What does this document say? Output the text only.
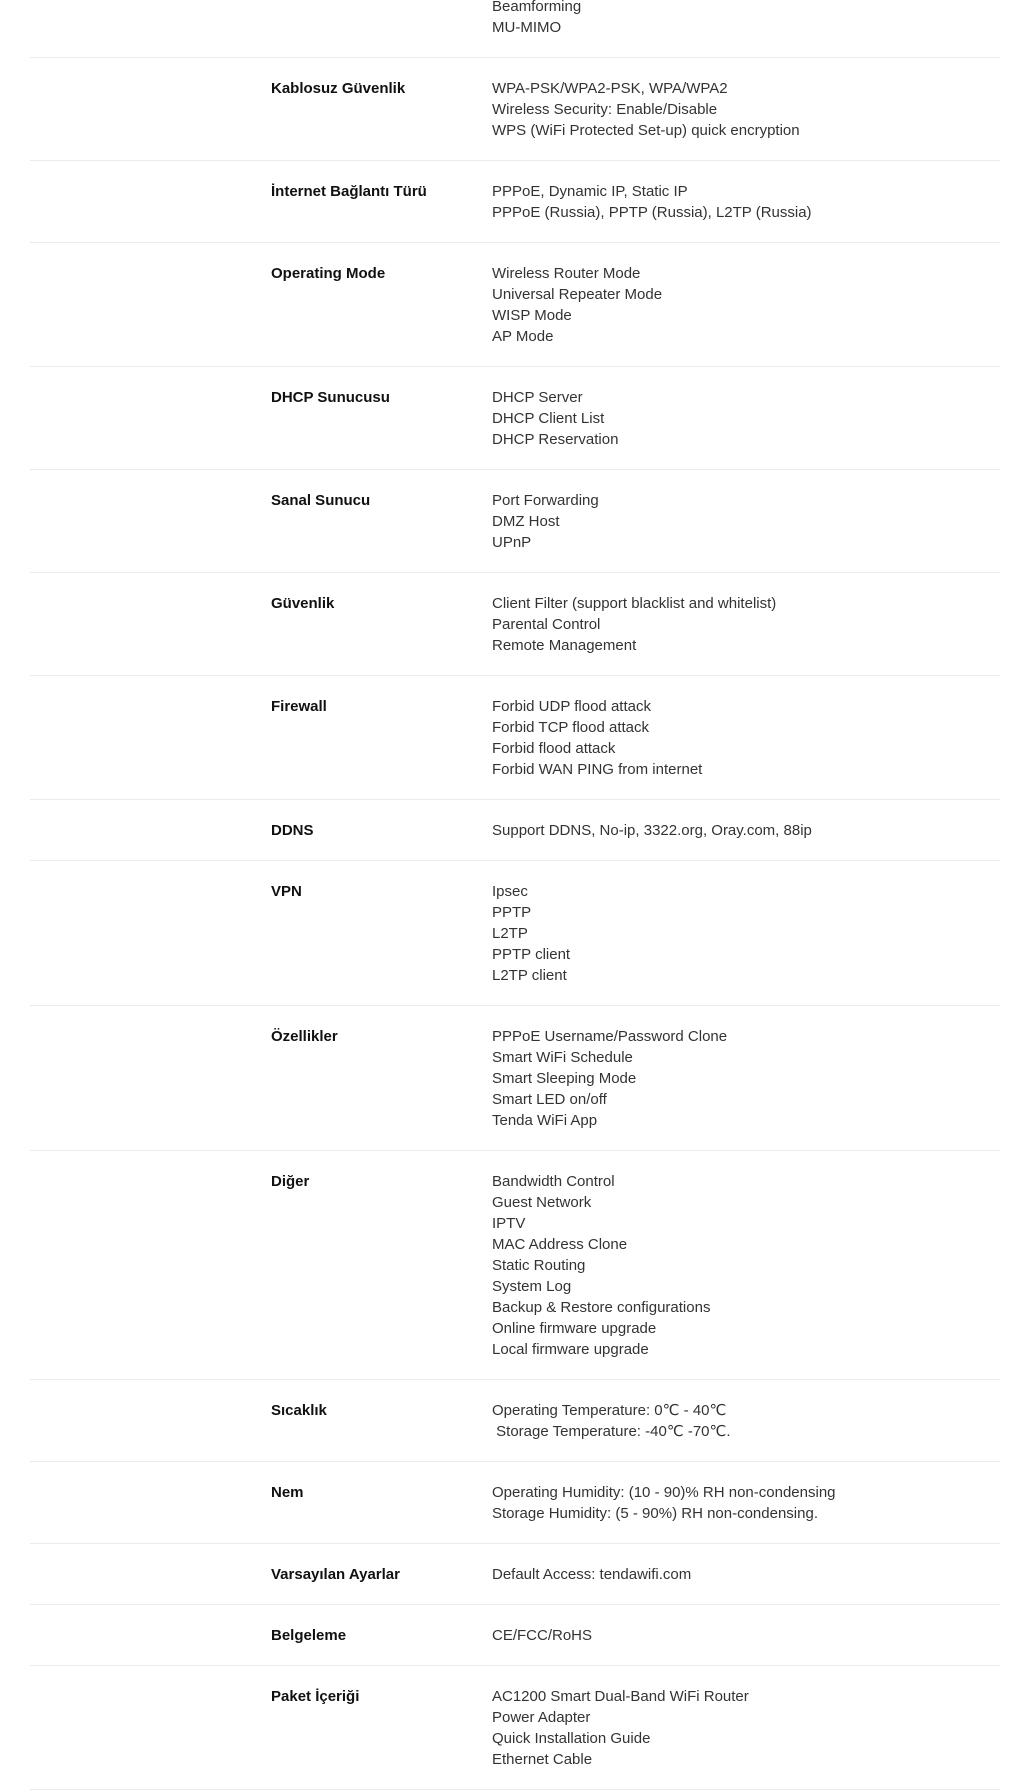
Beamforming
MU-MIMO
Kablosuz Güvenlik	WPA-PSK/WPA2-PSK, WPA/WPA2
Wireless Security: Enable/Disable
WPS (WiFi Protected Set-up) quick encryption
İnternet Bağlantı Türü	PPPoE, Dynamic IP, Static IP
PPPoE (Russia), PPTP (Russia), L2TP (Russia)
Operating Mode	Wireless Router Mode
Universal Repeater Mode
WISP Mode
AP Mode
DHCP Sunucusu	DHCP Server
DHCP Client List
DHCP Reservation
Sanal Sunucu	Port Forwarding
DMZ Host
UPnP
Güvenlik	Client Filter (support blacklist and whitelist)
Parental Control
Remote Management
Firewall	Forbid UDP flood attack
Forbid TCP flood attack
Forbid flood attack
Forbid WAN PING from internet
DDNS	Support DDNS, No-ip, 3322.org, Oray.com, 88ip
VPN	Ipsec
PPTP
L2TP
PPTP client
L2TP client
Özellikler	PPPoE Username/Password Clone
Smart WiFi Schedule
Smart Sleeping Mode
Smart LED on/off
Tenda WiFi App
Diğer	Bandwidth Control
Guest Network
IPTV
MAC Address Clone
Static Routing
System Log
Backup & Restore configurations
Online firmware upgrade
Local firmware upgrade
Sıcaklık	Operating Temperature: 0℃ - 40℃
Storage Temperature: -40℃ -70℃.
Nem	Operating Humidity: (10 - 90)% RH non-condensing
Storage Humidity: (5 - 90%) RH non-condensing.
Varsayılan Ayarlar	Default Access: tendawifi.com
Belgeleme	CE/FCC/RoHS
Paket İçeriği	AC1200 Smart Dual-Band WiFi Router
Power Adapter
Quick Installation Guide
Ethernet Cable
